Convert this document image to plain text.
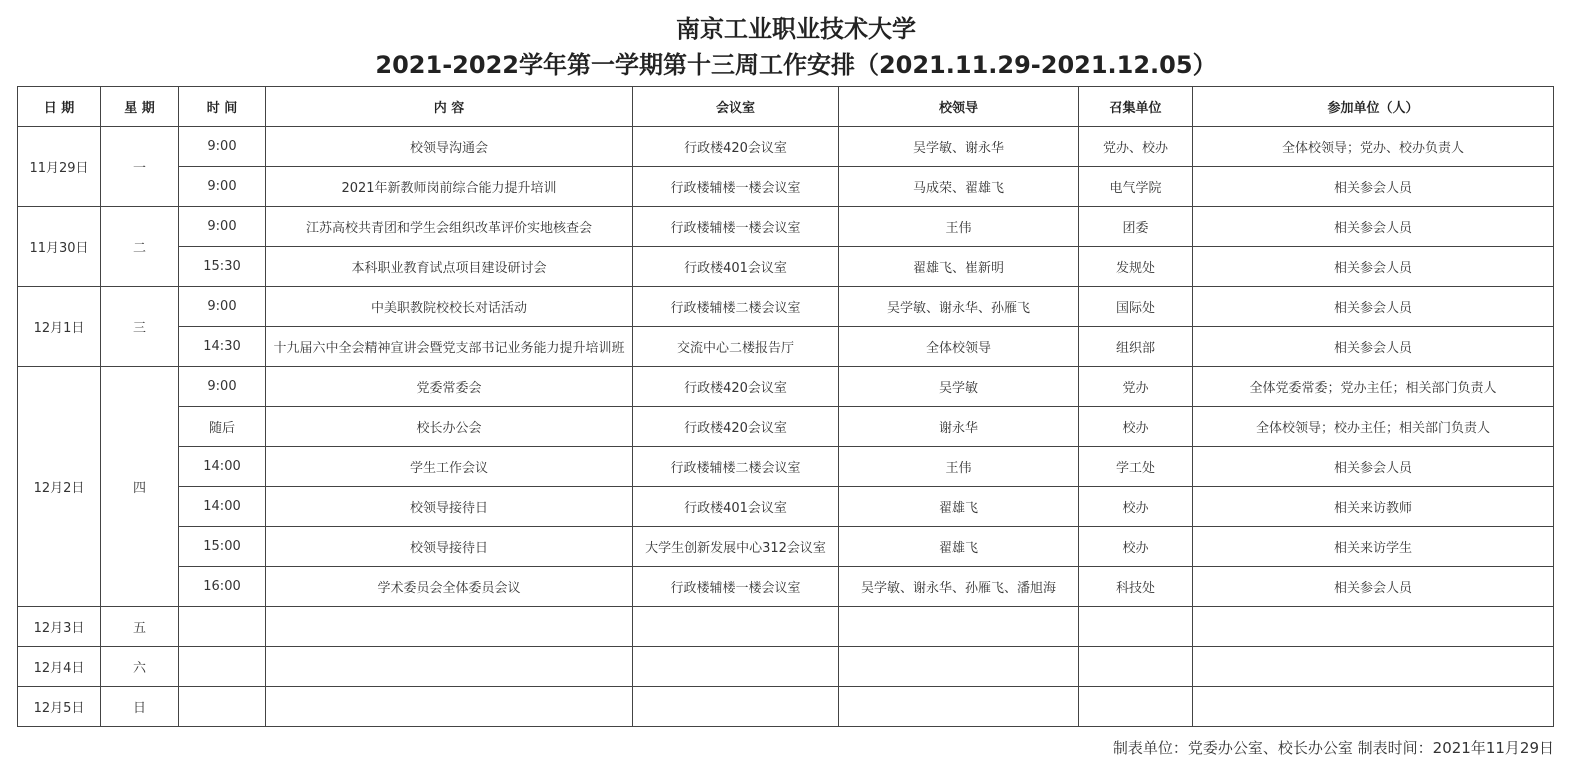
南京工业职业技术大学
2021-2022学年第一学期第十三周工作安排（2021.11.29-2021.12.05）
日 期	星 期	时 间	内 容	会议室	校领导	召集单位	参加单位（人）
11月29日	一	9:00	校领导沟通会	行政楼420会议室	吴学敏、谢永华	党办、校办	全体校领导；党办、校办负责人
		9:00	2021年新教师岗前综合能力提升培训	行政楼辅楼一楼会议室	马成荣、翟雄飞	电气学院	相关参会人员
11月30日	二	9:00	江苏高校共青团和学生会组织改革评价实地核查会	行政楼辅楼一楼会议室	王伟	团委	相关参会人员
		15:30	本科职业教育试点项目建设研讨会	行政楼401会议室	翟雄飞、崔新明	发规处	相关参会人员
12月1日	三	9:00	中美职教院校校长对话活动	行政楼辅楼二楼会议室	吴学敏、谢永华、孙雁飞	国际处	相关参会人员
		14:30	十九届六中全会精神宣讲会暨党支部书记业务能力提升培训班	交流中心二楼报告厅	全体校领导	组织部	相关参会人员
12月2日	四	9:00	党委常委会	行政楼420会议室	吴学敏	党办	全体党委常委；党办主任；相关部门负责人
		随后	校长办公会	行政楼420会议室	谢永华	校办	全体校领导；校办主任；相关部门负责人
		14:00	学生工作会议	行政楼辅楼二楼会议室	王伟	学工处	相关参会人员
		14:00	校领导接待日	行政楼401会议室	翟雄飞	校办	相关来访教师
		15:00	校领导接待日	大学生创新发展中心312会议室	翟雄飞	校办	相关来访学生
		16:00	学术委员会全体委员会议	行政楼辅楼一楼会议室	吴学敏、谢永华、孙雁飞、潘旭海	科技处	相关参会人员
12月3日	五						
12月4日	六						
12月5日	日						
制表单位：党委办公室、校长办公室 制表时间：2021年11月29日
